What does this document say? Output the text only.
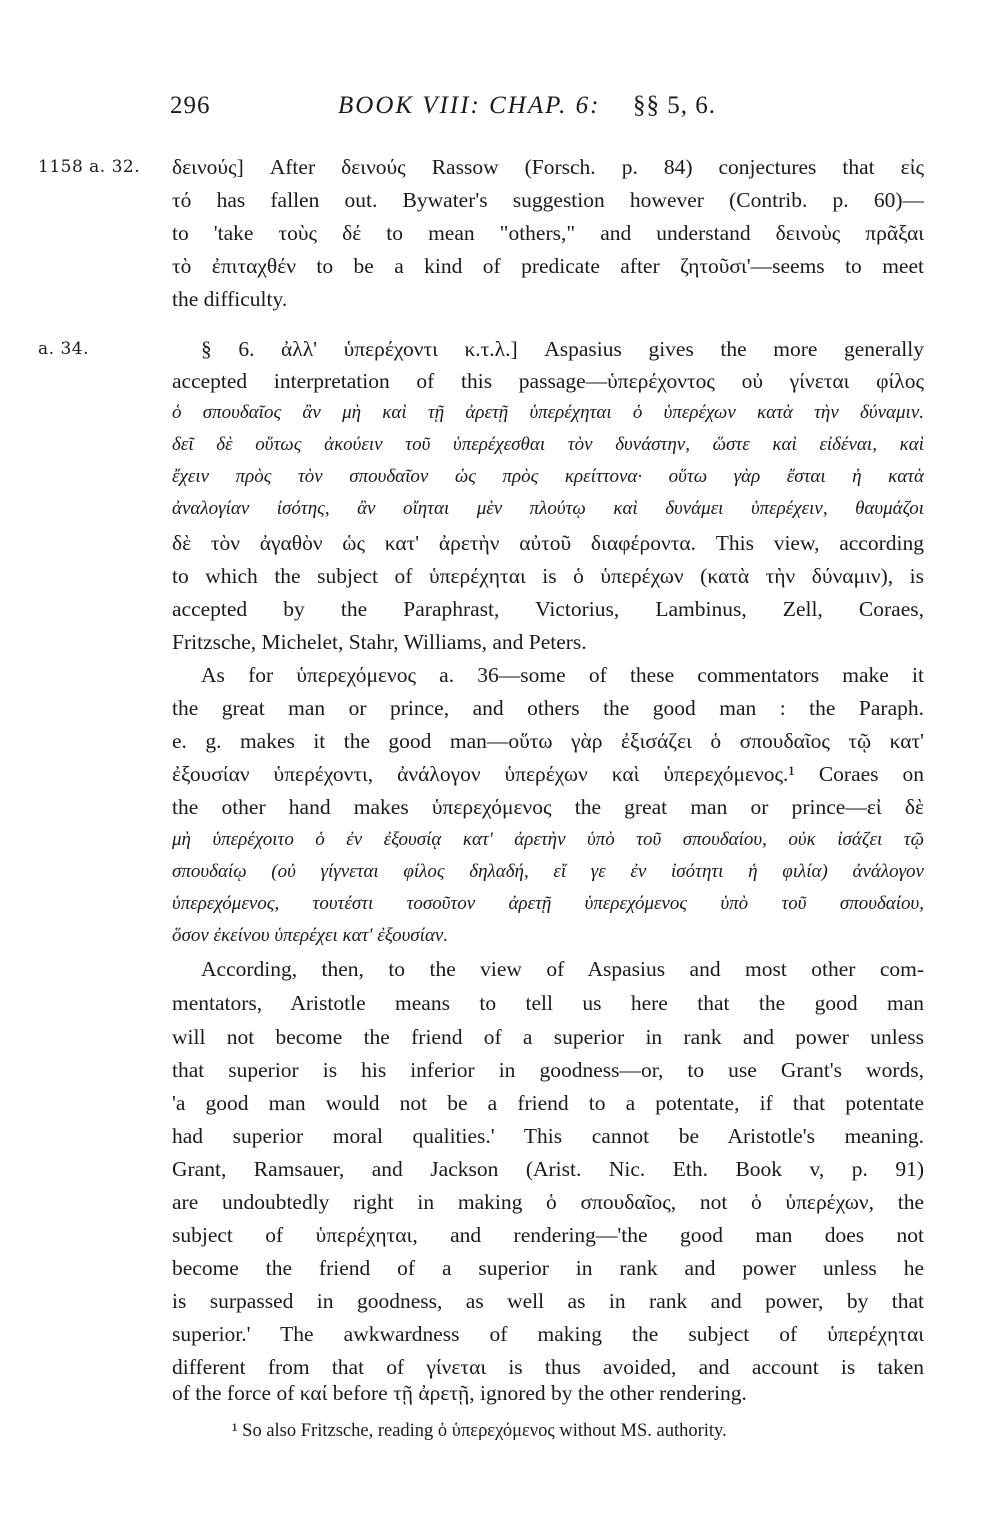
296	BOOK VIII: CHAP. 6: §§ 5, 6.
1158 a. 32. δεινούς] After δεινούς Rassow (Forsch. p. 84) conjectures that εἰς
τό has fallen out. Bywater's suggestion however (Contrib. p. 60)—
to 'take τοὺς δέ to mean "others," and understand δεινοὺς πρᾶξαι
τὸ ἐπιταχθέν to be a kind of predicate after ζητοῦσι'—seems to meet
the difficulty.
a. 34.	§ 6. ἀλλ' ὑπερέχοντι κ.τ.λ.] Aspasius gives the more generally
accepted interpretation of this passage—ὑπερέχοντος οὐ γίνεται φίλος
ὁ σπουδαῖος ἂν μὴ καὶ τῇ ἀρετῇ ὑπερέχηται ὁ ὑπερέχων κατὰ τὴν δύναμιν.
δεῖ δὲ οὕτως ἀκούειν τοῦ ὑπερέχεσθαι τὸν δυνάστην, ὥστε καὶ εἰδέναι, καὶ
ἔχειν πρὸς τὸν σπουδαῖον ὡς πρὸς κρείττονα· οὕτω γὰρ ἔσται ἡ κατὰ
ἀναλογίαν ἰσότης, ἂν οἴηται μὲν πλούτῳ καὶ δυνάμει ὑπερέχειν, θαυμάζοι
δὲ τὸν ἀγαθὸν ὡς κατ' ἀρετὴν αὐτοῦ διαφέροντα. This view, according
to which the subject of ὑπερέχηται is ὁ ὑπερέχων (κατὰ τὴν δύναμιν), is
accepted by the Paraphrast, Victorius, Lambinus, Zell, Coraes,
Fritzsche, Michelet, Stahr, Williams, and Peters.
As for ὑπερεχόμενος a. 36—some of these commentators make it
the great man or prince, and others the good man : the Paraph.
e. g. makes it the good man—οὕτω γὰρ ἐξισάζει ὁ σπουδαῖος τῷ κατ'
ἐξουσίαν ὑπερέχοντι, ἀνάλογον ὑπερέχων καὶ ὑπερεχόμενος.¹ Coraes on
the other hand makes ὑπερεχόμενος the great man or prince—εἰ δὲ
μὴ ὑπερέχοιτο ὁ ἐν ἐξουσίᾳ κατ' ἀρετὴν ὑπὸ τοῦ σπουδαίου, οὐκ ἰσάζει τῷ
σπουδαίῳ (οὐ γίγνεται φίλος δηλαδή, εἴ γε ἐν ἰσότητι ἡ φιλία) ἀνάλογον
ὑπερεχόμενος, τουτέστι τοσοῦτον ἀρετῇ ὑπερεχόμενος ὑπὸ τοῦ σπουδαίου,
ὅσον ἐκείνου ὑπερέχει κατ' ἐξουσίαν.
According, then, to the view of Aspasius and most other com-
mentators, Aristotle means to tell us here that the good man
will not become the friend of a superior in rank and power unless
that superior is his inferior in goodness—or, to use Grant's words,
'a good man would not be a friend to a potentate, if that potentate
had superior moral qualities.' This cannot be Aristotle's meaning.
Grant, Ramsauer, and Jackson (Arist. Nic. Eth. Book v, p. 91)
are undoubtedly right in making ὁ σπουδαῖος, not ὁ ὑπερέχων, the
subject of ὑπερέχηται, and rendering—'the good man does not
become the friend of a superior in rank and power unless he
is surpassed in goodness, as well as in rank and power, by that
superior.' The awkwardness of making the subject of ὑπερέχηται
different from that of γίνεται is thus avoided, and account is taken
of the force of καί before τῇ ἀρετῇ, ignored by the other rendering.
¹ So also Fritzsche, reading ὁ ὑπερεχόμενος without MS. authority.
